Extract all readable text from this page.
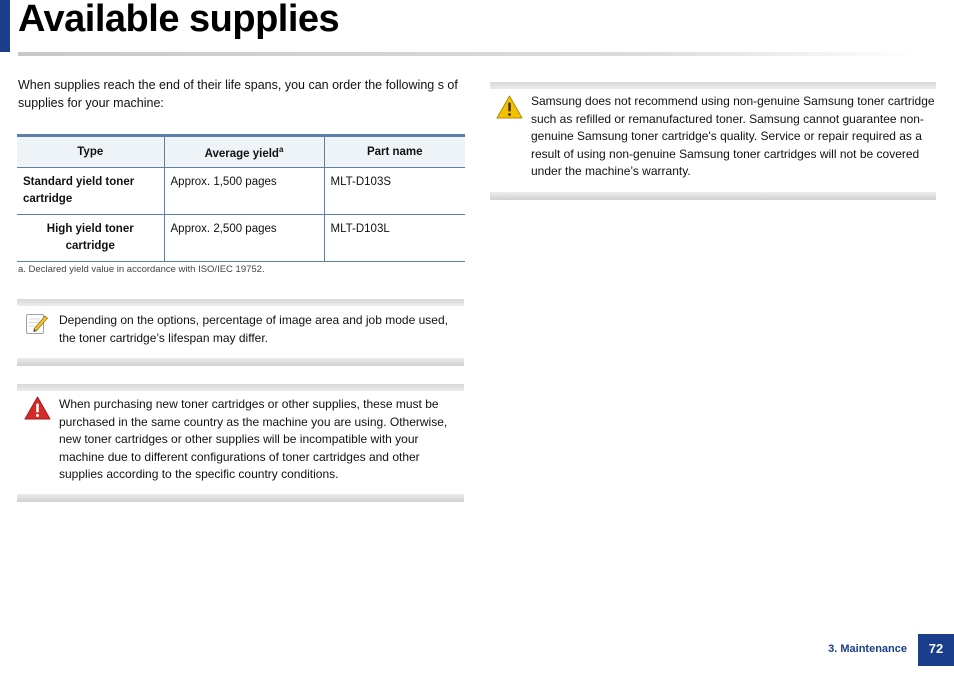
Available supplies

When supplies reach the end of their life spans, you can order the following s of supplies for your machine:

Type	Average yield$^a$	Part name
Standard yield toner cartridge	Approx. 1,500 pages	MLT-D103S
High yield toner cartridge	Approx. 2,500 pages	MLT-D103L
a. Declared yield value in accordance with ISO/IEC 19752.

Depending on the options, percentage of image area and job mode used, the toner cartridge’s lifespan may differ.

When purchasing new toner cartridges or other supplies, these must be purchased in the same country as the machine you are using. Otherwise, new toner cartridges or other supplies will be incompatible with your machine due to different configurations of toner cartridges and other supplies according to the specific country conditions.

Samsung does not recommend using non-genuine Samsung toner cartridge such as refilled or remanufactured toner. Samsung cannot guarantee non-genuine Samsung toner cartridge's quality. Service or repair required as a result of using non-genuine Samsung toner cartridges will not be covered under the machine’s warranty.

3. Maintenance	72
